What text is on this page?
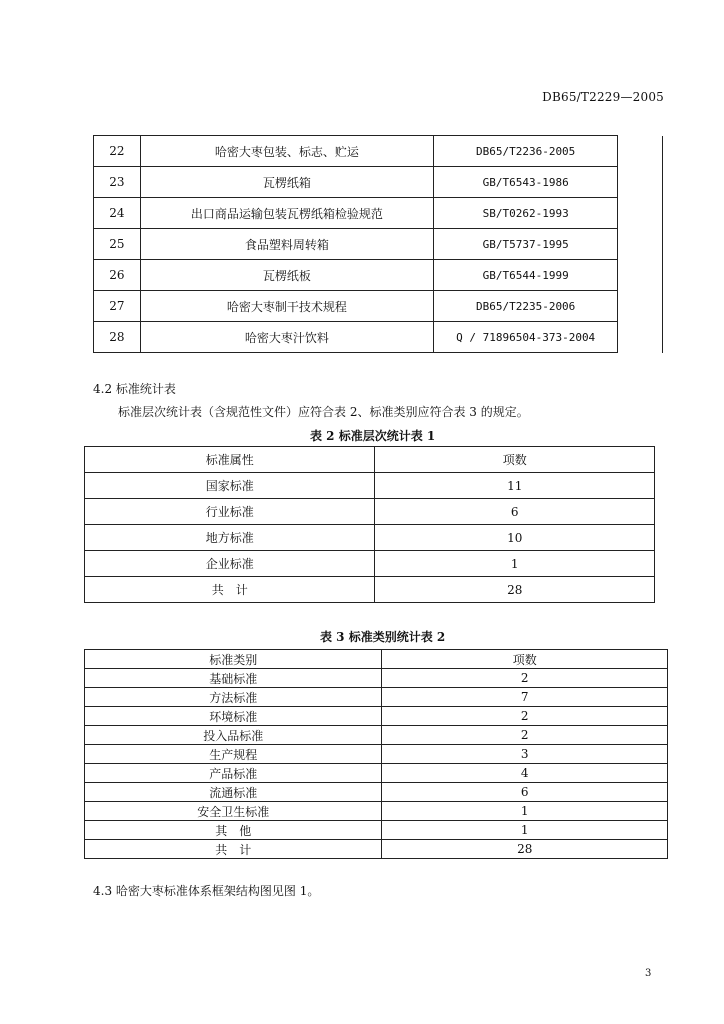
DB65/T2229—2005
22	哈密大枣包装、标志、贮运	DB65/T2236-2005	
23	瓦楞纸箱	GB/T6543-1986	
24	出口商品运输包装瓦楞纸箱检验规范	SB/T0262-1993	
25	食品塑料周转箱	GB/T5737-1995	
26	瓦楞纸板	GB/T6544-1999	
27	哈密大枣制干技术规程	DB65/T2235-2006	
28	哈密大枣汁饮料	Q / 71896504-373-2004	
4.2 标准统计表
标准层次统计表（含规范性文件）应符合表 2、标准类别应符合表 3 的规定。
表 2 标准层次统计表 1
标准属性	项数
国家标准	11
行业标准	6
地方标准	10
企业标准	1
共　计	28
表 3 标准类别统计表 2
标准类别	项数
基础标准	2
方法标准	7
环境标准	2
投入品标准	2
生产规程	3
产品标准	4
流通标准	6
安全卫生标准	1
其　他	1
共　计	28
4.3 哈密大枣标准体系框架结构图见图 1。
3
